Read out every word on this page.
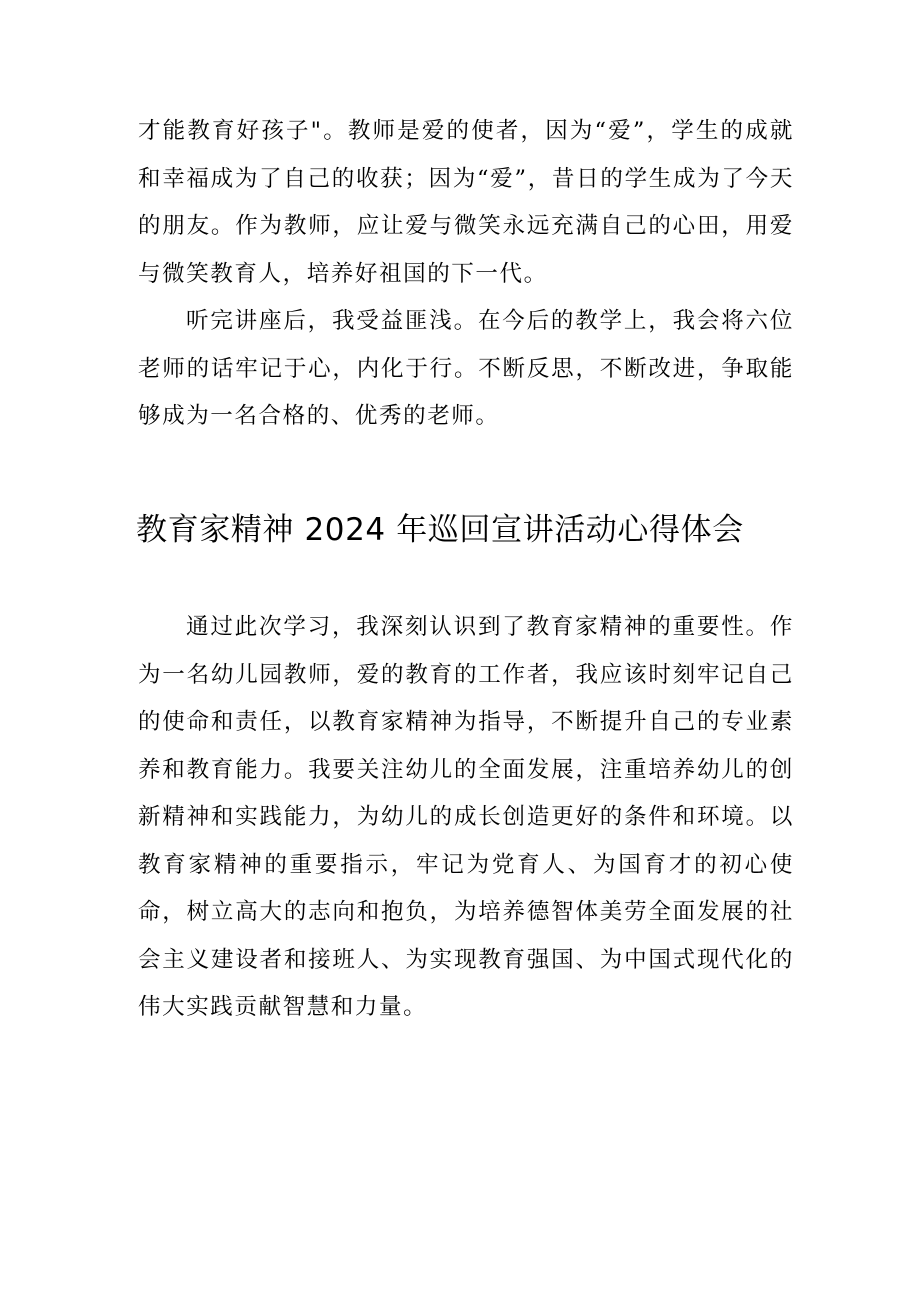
才能教育好孩子"。教师是爱的使者，因为“爱”，学生的成就和幸福成为了自己的收获；因为“爱”，昔日的学生成为了今天的朋友。作为教师，应让爱与微笑永远充满自己的心田，用爱与微笑教育人，培养好祖国的下一代。

听完讲座后，我受益匪浅。在今后的教学上，我会将六位老师的话牢记于心，内化于行。不断反思，不断改进，争取能够成为一名合格的、优秀的老师。

教育家精神 2024 年巡回宣讲活动心得体会

通过此次学习，我深刻认识到了教育家精神的重要性。作为一名幼儿园教师，爱的教育的工作者，我应该时刻牢记自己的使命和责任，以教育家精神为指导，不断提升自己的专业素养和教育能力。我要关注幼儿的全面发展，注重培养幼儿的创新精神和实践能力，为幼儿的成长创造更好的条件和环境。以教育家精神的重要指示，牢记为党育人、为国育才的初心使命，树立高大的志向和抱负，为培养德智体美劳全面发展的社会主义建设者和接班人、为实现教育强国、为中国式现代化的伟大实践贡献智慧和力量。
